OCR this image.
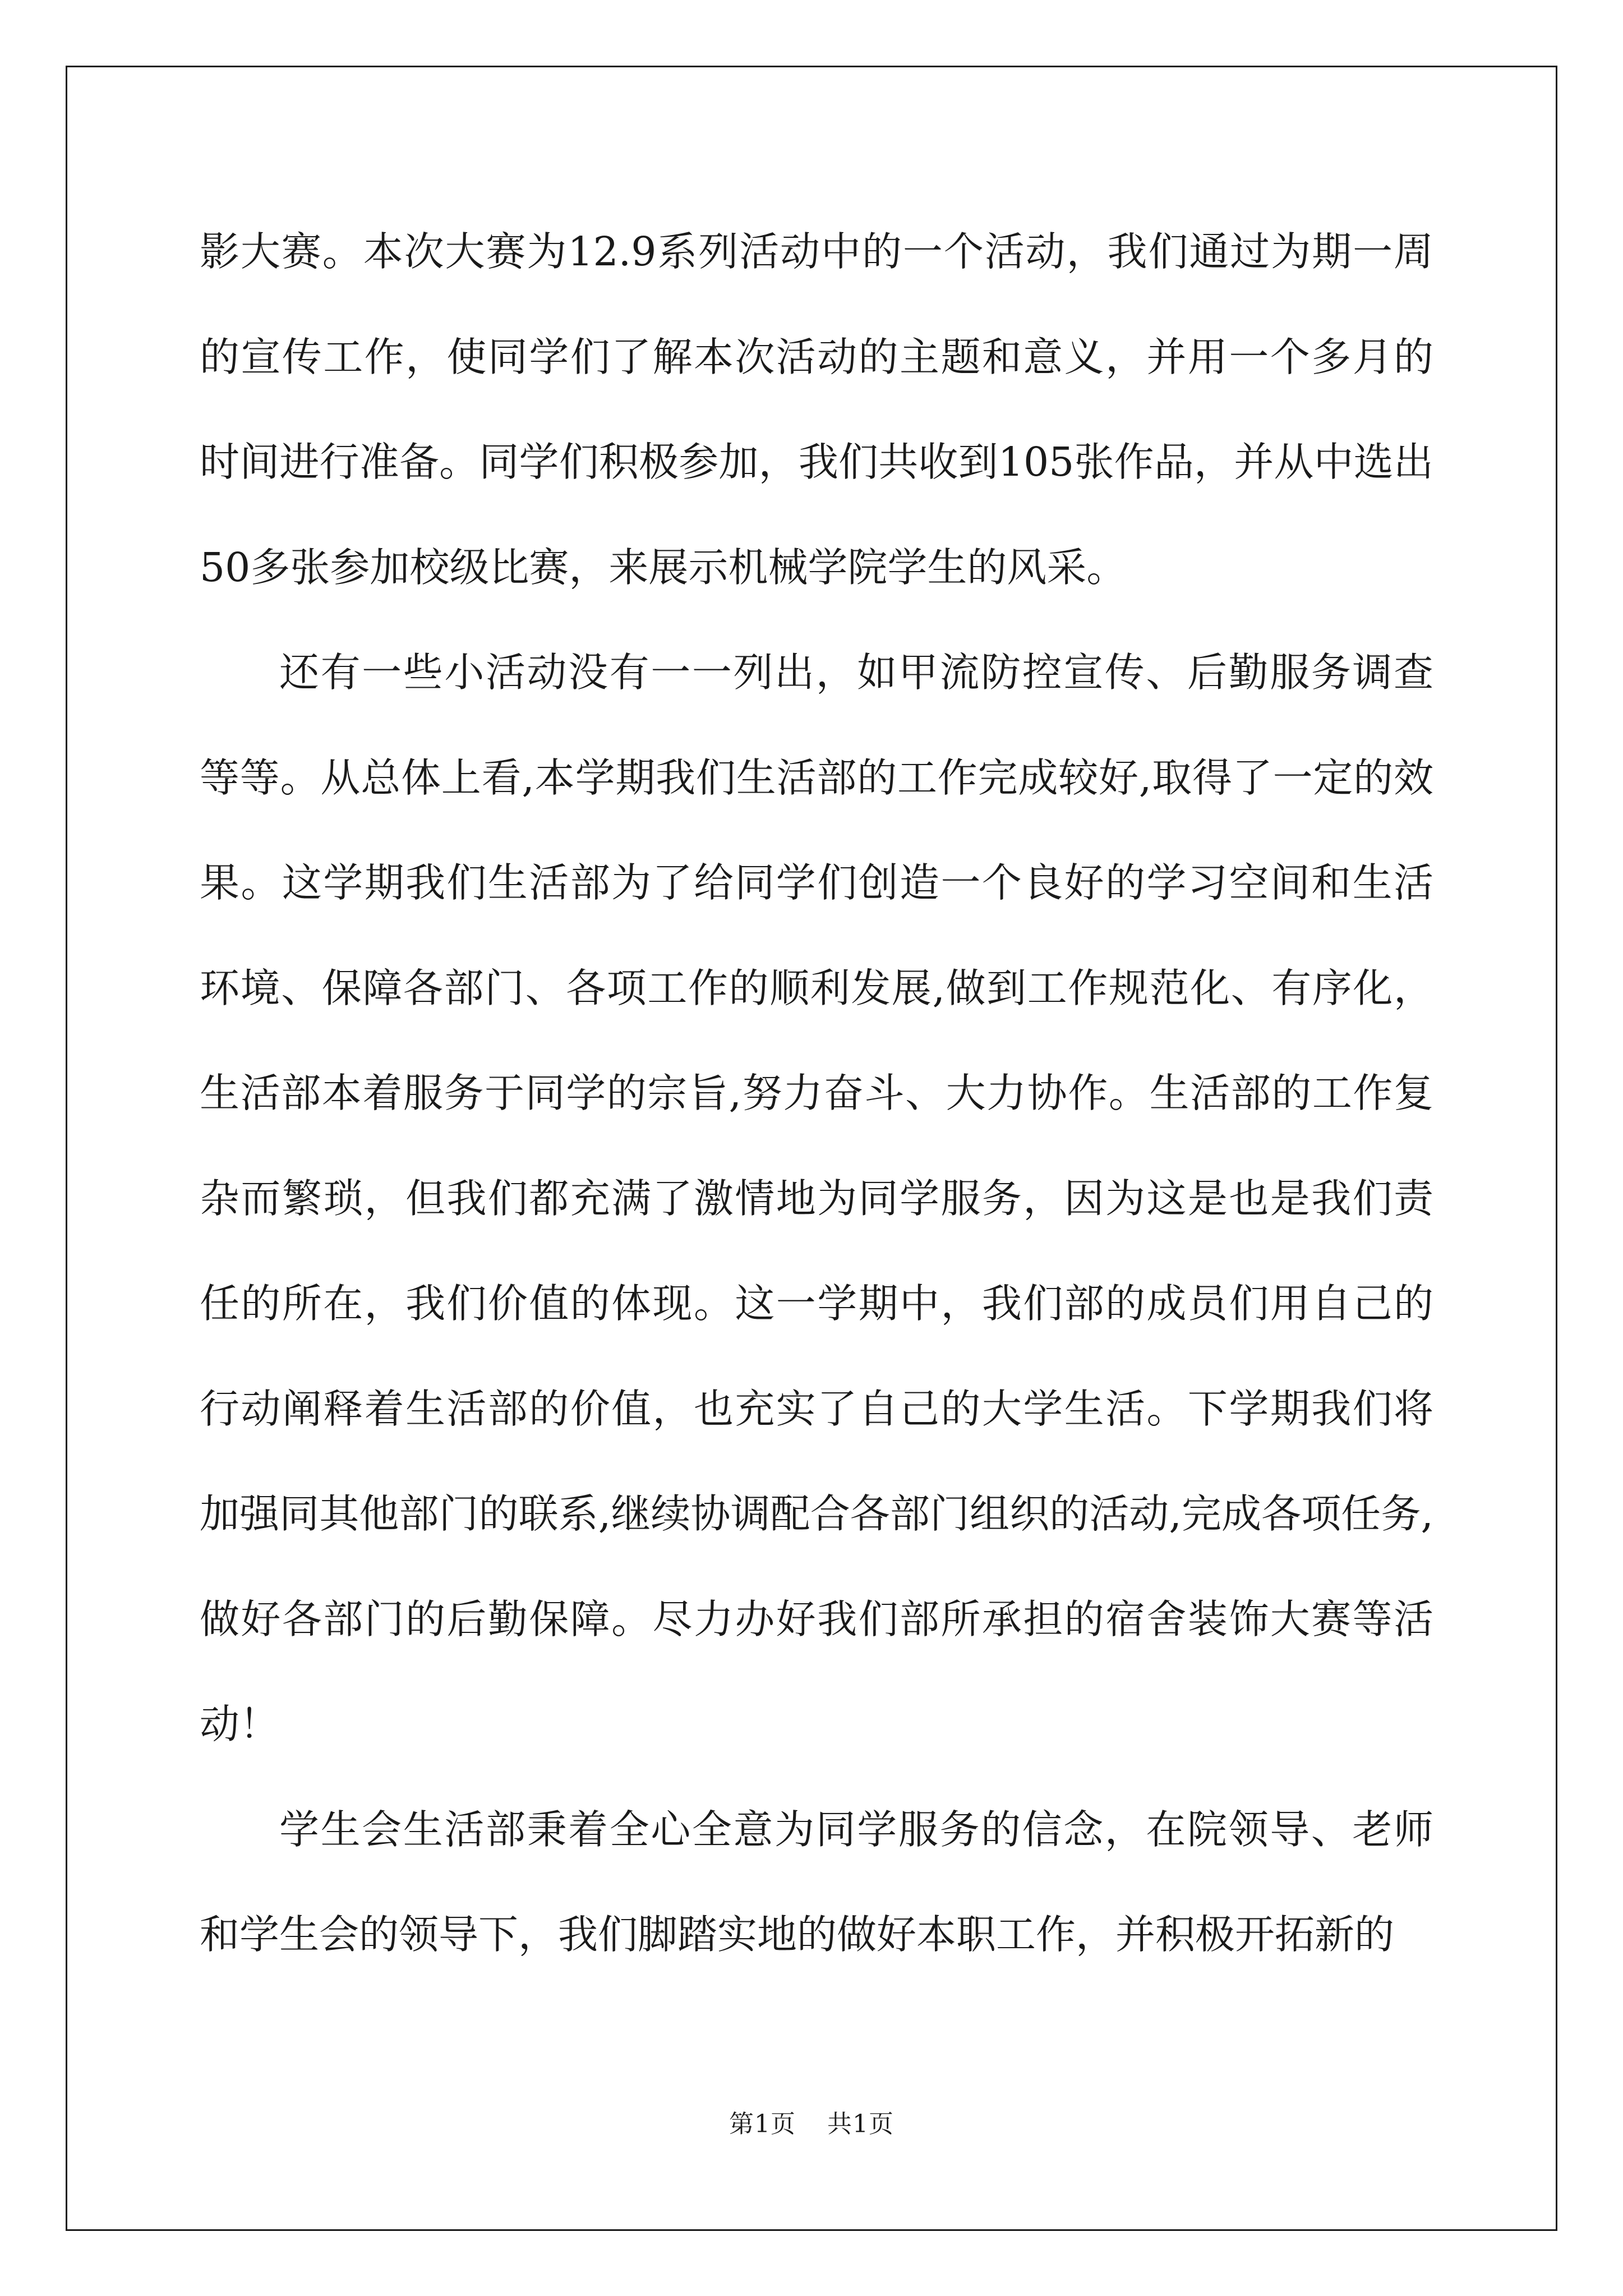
影大赛。本次大赛为12.9系列活动中的一个活动，我们通过为期一周的宣传工作，使同学们了解本次活动的主题和意义，并用一个多月的时间进行准备。同学们积极参加，我们共收到105张作品，并从中选出50多张参加校级比赛，来展示机械学院学生的风采。

还有一些小活动没有一一列出，如甲流防控宣传、后勤服务调查等等。从总体上看,本学期我们生活部的工作完成较好,取得了一定的效果。这学期我们生活部为了给同学们创造一个良好的学习空间和生活环境、保障各部门、各项工作的顺利发展,做到工作规范化、有序化，生活部本着服务于同学的宗旨,努力奋斗、大力协作。生活部的工作复杂而繁琐，但我们都充满了激情地为同学服务，因为这是也是我们责任的所在，我们价值的体现。这一学期中，我们部的成员们用自己的行动阐释着生活部的价值，也充实了自己的大学生活。下学期我们将加强同其他部门的联系,继续协调配合各部门组织的活动,完成各项任务,做好各部门的后勤保障。尽力办好我们部所承担的宿舍装饰大赛等活动！

学生会生活部秉着全心全意为同学服务的信念，在院领导、老师和学生会的领导下，我们脚踏实地的做好本职工作，并积极开拓新的

第1页 共1页
